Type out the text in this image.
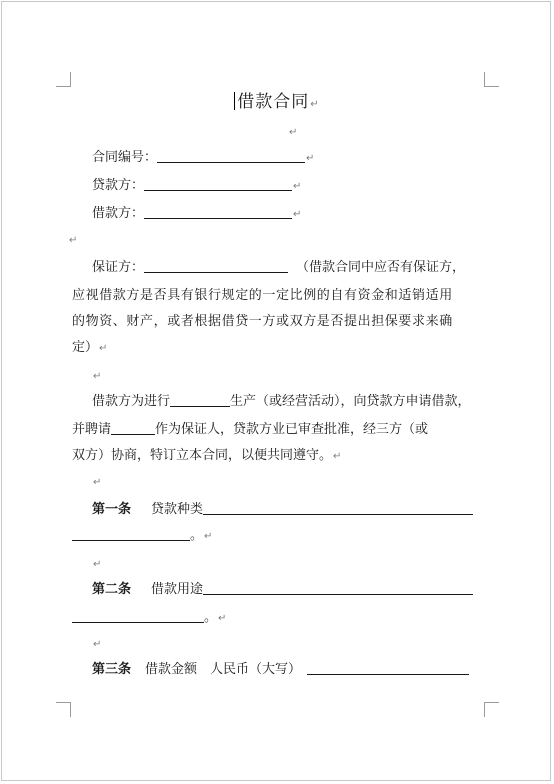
借款合同↵
↵
合同编号：	↵
贷款方：	↵
借款方：	↵
↵
保证方：	（借款合同中应否有保证方，
应视借款方是否具有银行规定的一定比例的自有资金和适销适用
的物资、财产，或者根据借贷一方或双方是否提出担保要求来确
定）↵
↵
借款方为进行	生产（或经营活动），向贷款方申请借款，
并聘请	作为保证人，贷款方业已审查批准，经三方（或
双方）协商，特订立本合同，以便共同遵守。↵
↵
第一条 贷款种类
。↵
↵
第二条 借款用途
。↵
↵
第三条 借款金额　人民币（大写）
